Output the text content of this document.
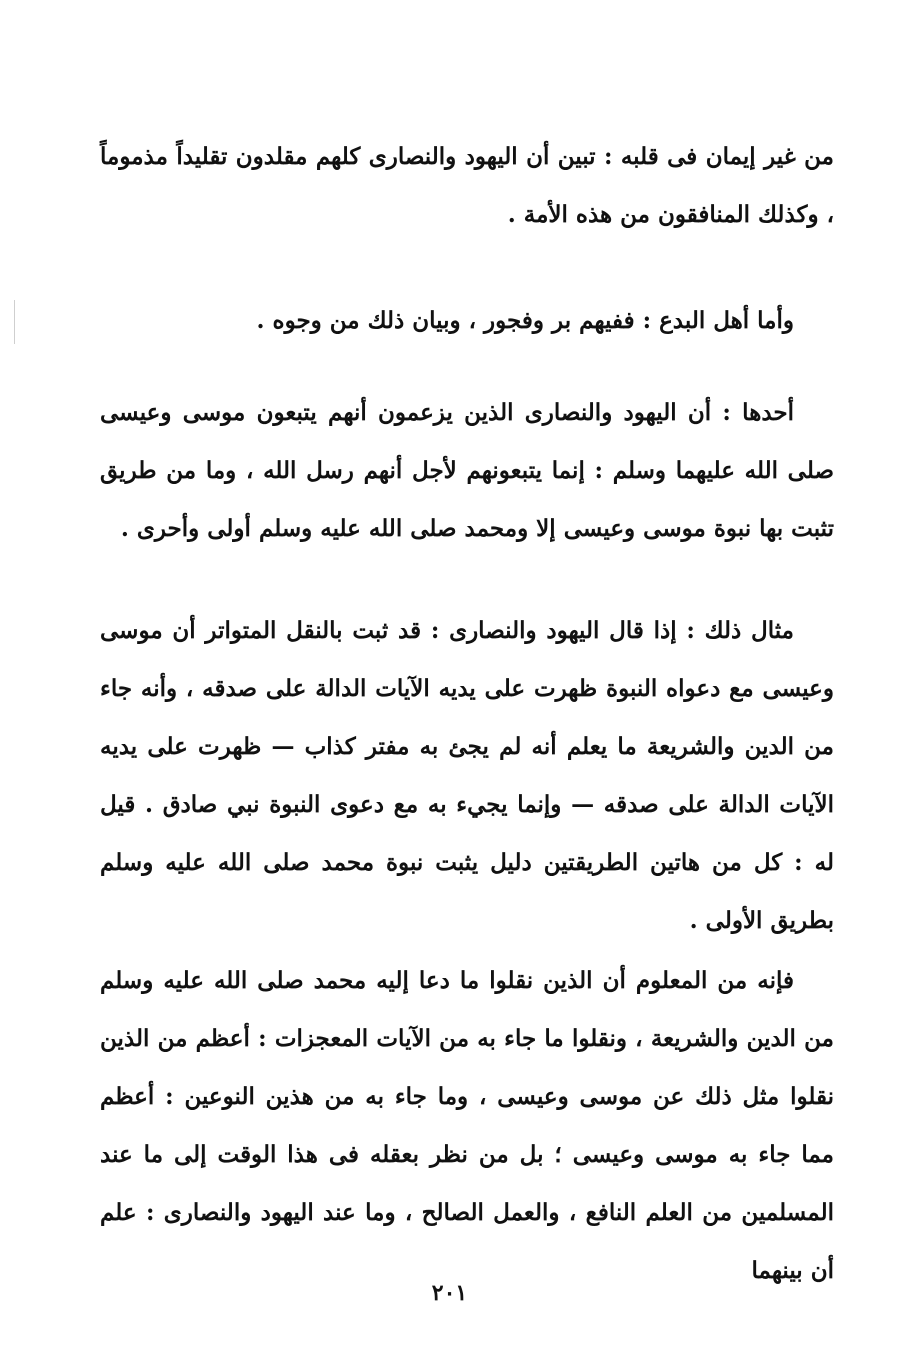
من غير إيمان فى قلبه : تبين أن اليهود والنصارى كلهم مقلدون تقليداً مذموماً ، وكذلك المنافقون من هذه الأمة .

وأما أهل البدع : ففيهم بر وفجور ، وبيان ذلك من وجوه .

أحدها : أن اليهود والنصارى الذين يزعمون أنهم يتبعون موسى وعيسى صلى الله عليهما وسلم : إنما يتبعونهم لأجل أنهم رسل الله ، وما من طريق تثبت بها نبوة موسى وعيسى إلا ومحمد صلى الله عليه وسلم أولى وأحرى .

مثال ذلك : إذا قال اليهود والنصارى : قد ثبت بالنقل المتواتر أن موسى وعيسى مع دعواه النبوة ظهرت على يديه الآيات الدالة على صدقه ، وأنه جاء من الدين والشريعة ما يعلم أنه لم يجئ به مفتر كذاب — ظهرت على يديه الآيات الدالة على صدقه — وإنما يجيء به مع دعوى النبوة نبي صادق . قيل له : كل من هاتين الطريقتين دليل يثبت نبوة محمد صلى الله عليه وسلم بطريق الأولى .

فإنه من المعلوم أن الذين نقلوا ما دعا إليه محمد صلى الله عليه وسلم من الدين والشريعة ، ونقلوا ما جاء به من الآيات المعجزات : أعظم من الذين نقلوا مثل ذلك عن موسى وعيسى ، وما جاء به من هذين النوعين : أعظم مما جاء به موسى وعيسى ؛ بل من نظر بعقله فى هذا الوقت إلى ما عند المسلمين من العلم النافع ، والعمل الصالح ، وما عند اليهود والنصارى : علم أن بينهما

٢٠١
